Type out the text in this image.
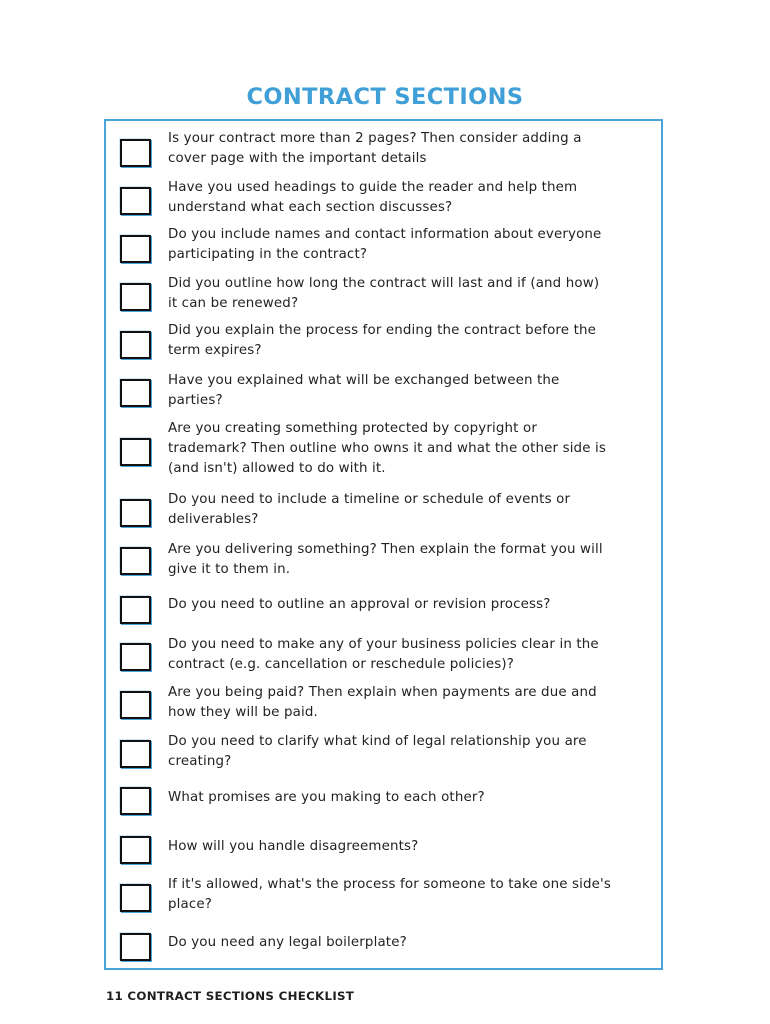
CONTRACT SECTIONS
Is your contract more than 2 pages? Then consider adding a
cover page with the important details
Have you used headings to guide the reader and help them
understand what each section discusses?
Do you include names and contact information about everyone
participating in the contract?
Did you outline how long the contract will last and if (and how)
it can be renewed?
Did you explain the process for ending the contract before the
term expires?
Have you explained what will be exchanged between the
parties?
Are you creating something protected by copyright or
trademark? Then outline who owns it and what the other side is
(and isn't) allowed to do with it.
Do you need to include a timeline or schedule of events or
deliverables?
Are you delivering something? Then explain the format you will
give it to them in.
Do you need to outline an approval or revision process?
Do you need to make any of your business policies clear in the
contract (e.g. cancellation or reschedule policies)?
Are you being paid? Then explain when payments are due and
how they will be paid.
Do you need to clarify what kind of legal relationship you are
creating?
What promises are you making to each other?
How will you handle disagreements?
If it's allowed, what's the process for someone to take one side's
place?
Do you need any legal boilerplate?
11 CONTRACT SECTIONS CHECKLIST
